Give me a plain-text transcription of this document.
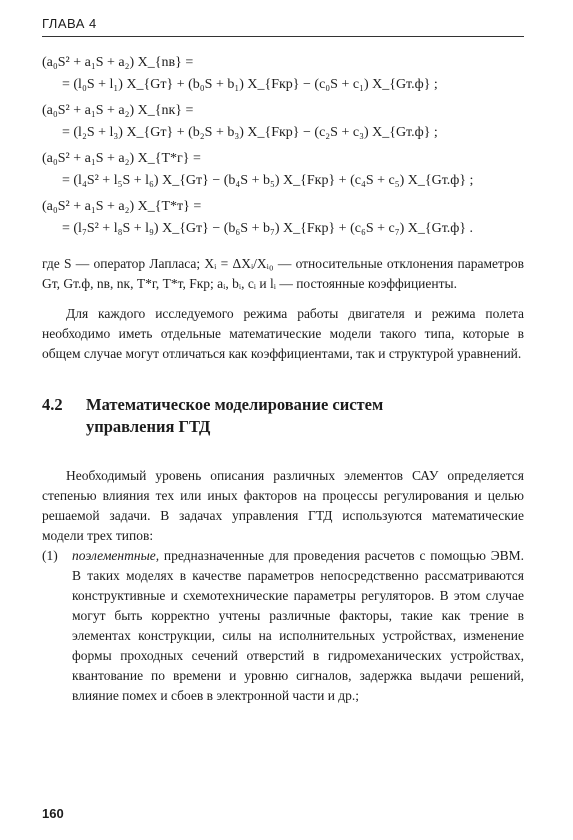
ГЛАВА 4
(a₀S² + a₁S + a₂) X_{nв} =
= (l₀S + l₁) X_{Gт} + (b₀S + b₁) X_{Fкр} − (c₀S + c₁) X_{Gт.ф} ;
(a₀S² + a₁S + a₂) X_{nк} =
= (l₂S + l₃) X_{Gт} + (b₂S + b₃) X_{Fкр} − (c₂S + c₃) X_{Gт.ф} ;
(a₀S² + a₁S + a₂) X_{T*г} =
= (l₄S² + l₅S + l₆) X_{Gт} − (b₄S + b₅) X_{Fкр} + (c₄S + c₅) X_{Gт.ф} ;
(a₀S² + a₁S + a₂) X_{T*т} =
= (l₇S² + l₈S + l₉) X_{Gт} − (b₆S + b₇) X_{Fкр} + (c₆S + c₇) X_{Gт.ф} .

где S — оператор Лапласа; Xᵢ = ΔXᵢ/Xᵢ₀ — относительные отклонения параметров Gт, Gт.ф, nв, nк, T*г, T*т, Fкр; aᵢ, bᵢ, cᵢ и lᵢ — постоянные коэффициенты.

Для каждого исследуемого режима работы двигателя и режима полета необходимо иметь отдельные математические модели такого типа, которые в общем случае могут отличаться как коэффициентами, так и структурой уравнений.

4.2	Математическое моделирование систем
управления ГТД

Необходимый уровень описания различных элементов САУ определяется степенью влияния тех или иных факторов на процессы регулирования и целью решаемой задачи. В задачах управления ГТД используются математические модели трех типов:

(1)	поэлементные, предназначенные для проведения расчетов с помощью ЭВМ. В таких моделях в качестве параметров непосредственно рассматриваются конструктивные и схемотехнические параметры регуляторов. В этом случае могут быть корректно учтены различные факторы, такие как трение в элементах конструкции, силы на исполнительных устройствах, изменение формы проходных сечений отверстий в гидромеханических устройствах, квантование по времени и уровню сигналов, задержка выдачи решений, влияние помех и сбоев в электронной части и др.;
160
